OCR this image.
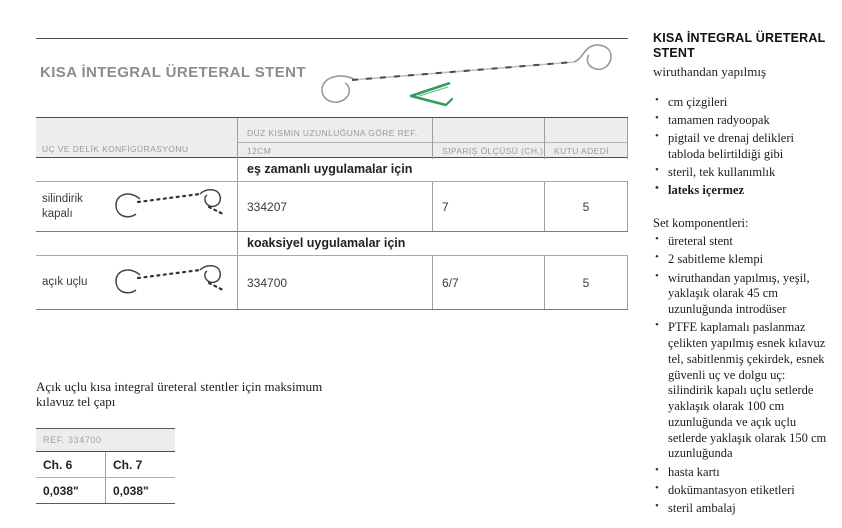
KISA İNTEGRAL ÜRETERAL STENT
UÇ VE DELİK KONFİGÜRASYONU
DÜZ KISMIN UZUNLUĞUNA GÖRE REF.
12CM	SİPARİŞ ÖLÇÜSÜ (CH.)	KUTU ADEDİ
eş zamanlı uygulamalar için
silindirik kapalı	334207	7	5
koaksiyel uygulamalar için
açık uçlu	334700	6/7	5
Açık uçlu kısa integral üreteral stentler için maksimum kılavuz tel çapı
REF. 334700
Ch. 6	Ch. 7
0,038"	0,038"
KISA İNTEGRAL ÜRETERAL STENT
wiruthandan yapılmış
• cm çizgileri
• tamamen radyoopak
• pigtail ve drenaj delikleri tabloda belirtildiği gibi
• steril, tek kullanımlık
• lateks içermez
Set komponentleri:
• üreteral stent
• 2 sabitleme klempi
• wiruthandan yapılmış, yeşil, yaklaşık olarak 45 cm uzunluğunda introdüser
• PTFE kaplamalı paslanmaz çelikten yapılmış esnek kılavuz tel, sabitlenmiş çekirdek, esnek güvenli uç ve dolgu uç: silindirik kapalı uçlu setlerde yaklaşık olarak 100 cm uzunluğunda ve açık uçlu setlerde yaklaşık olarak 150 cm uzunluğunda
• hasta kartı
• dokümantasyon etiketleri
• steril ambalaj
